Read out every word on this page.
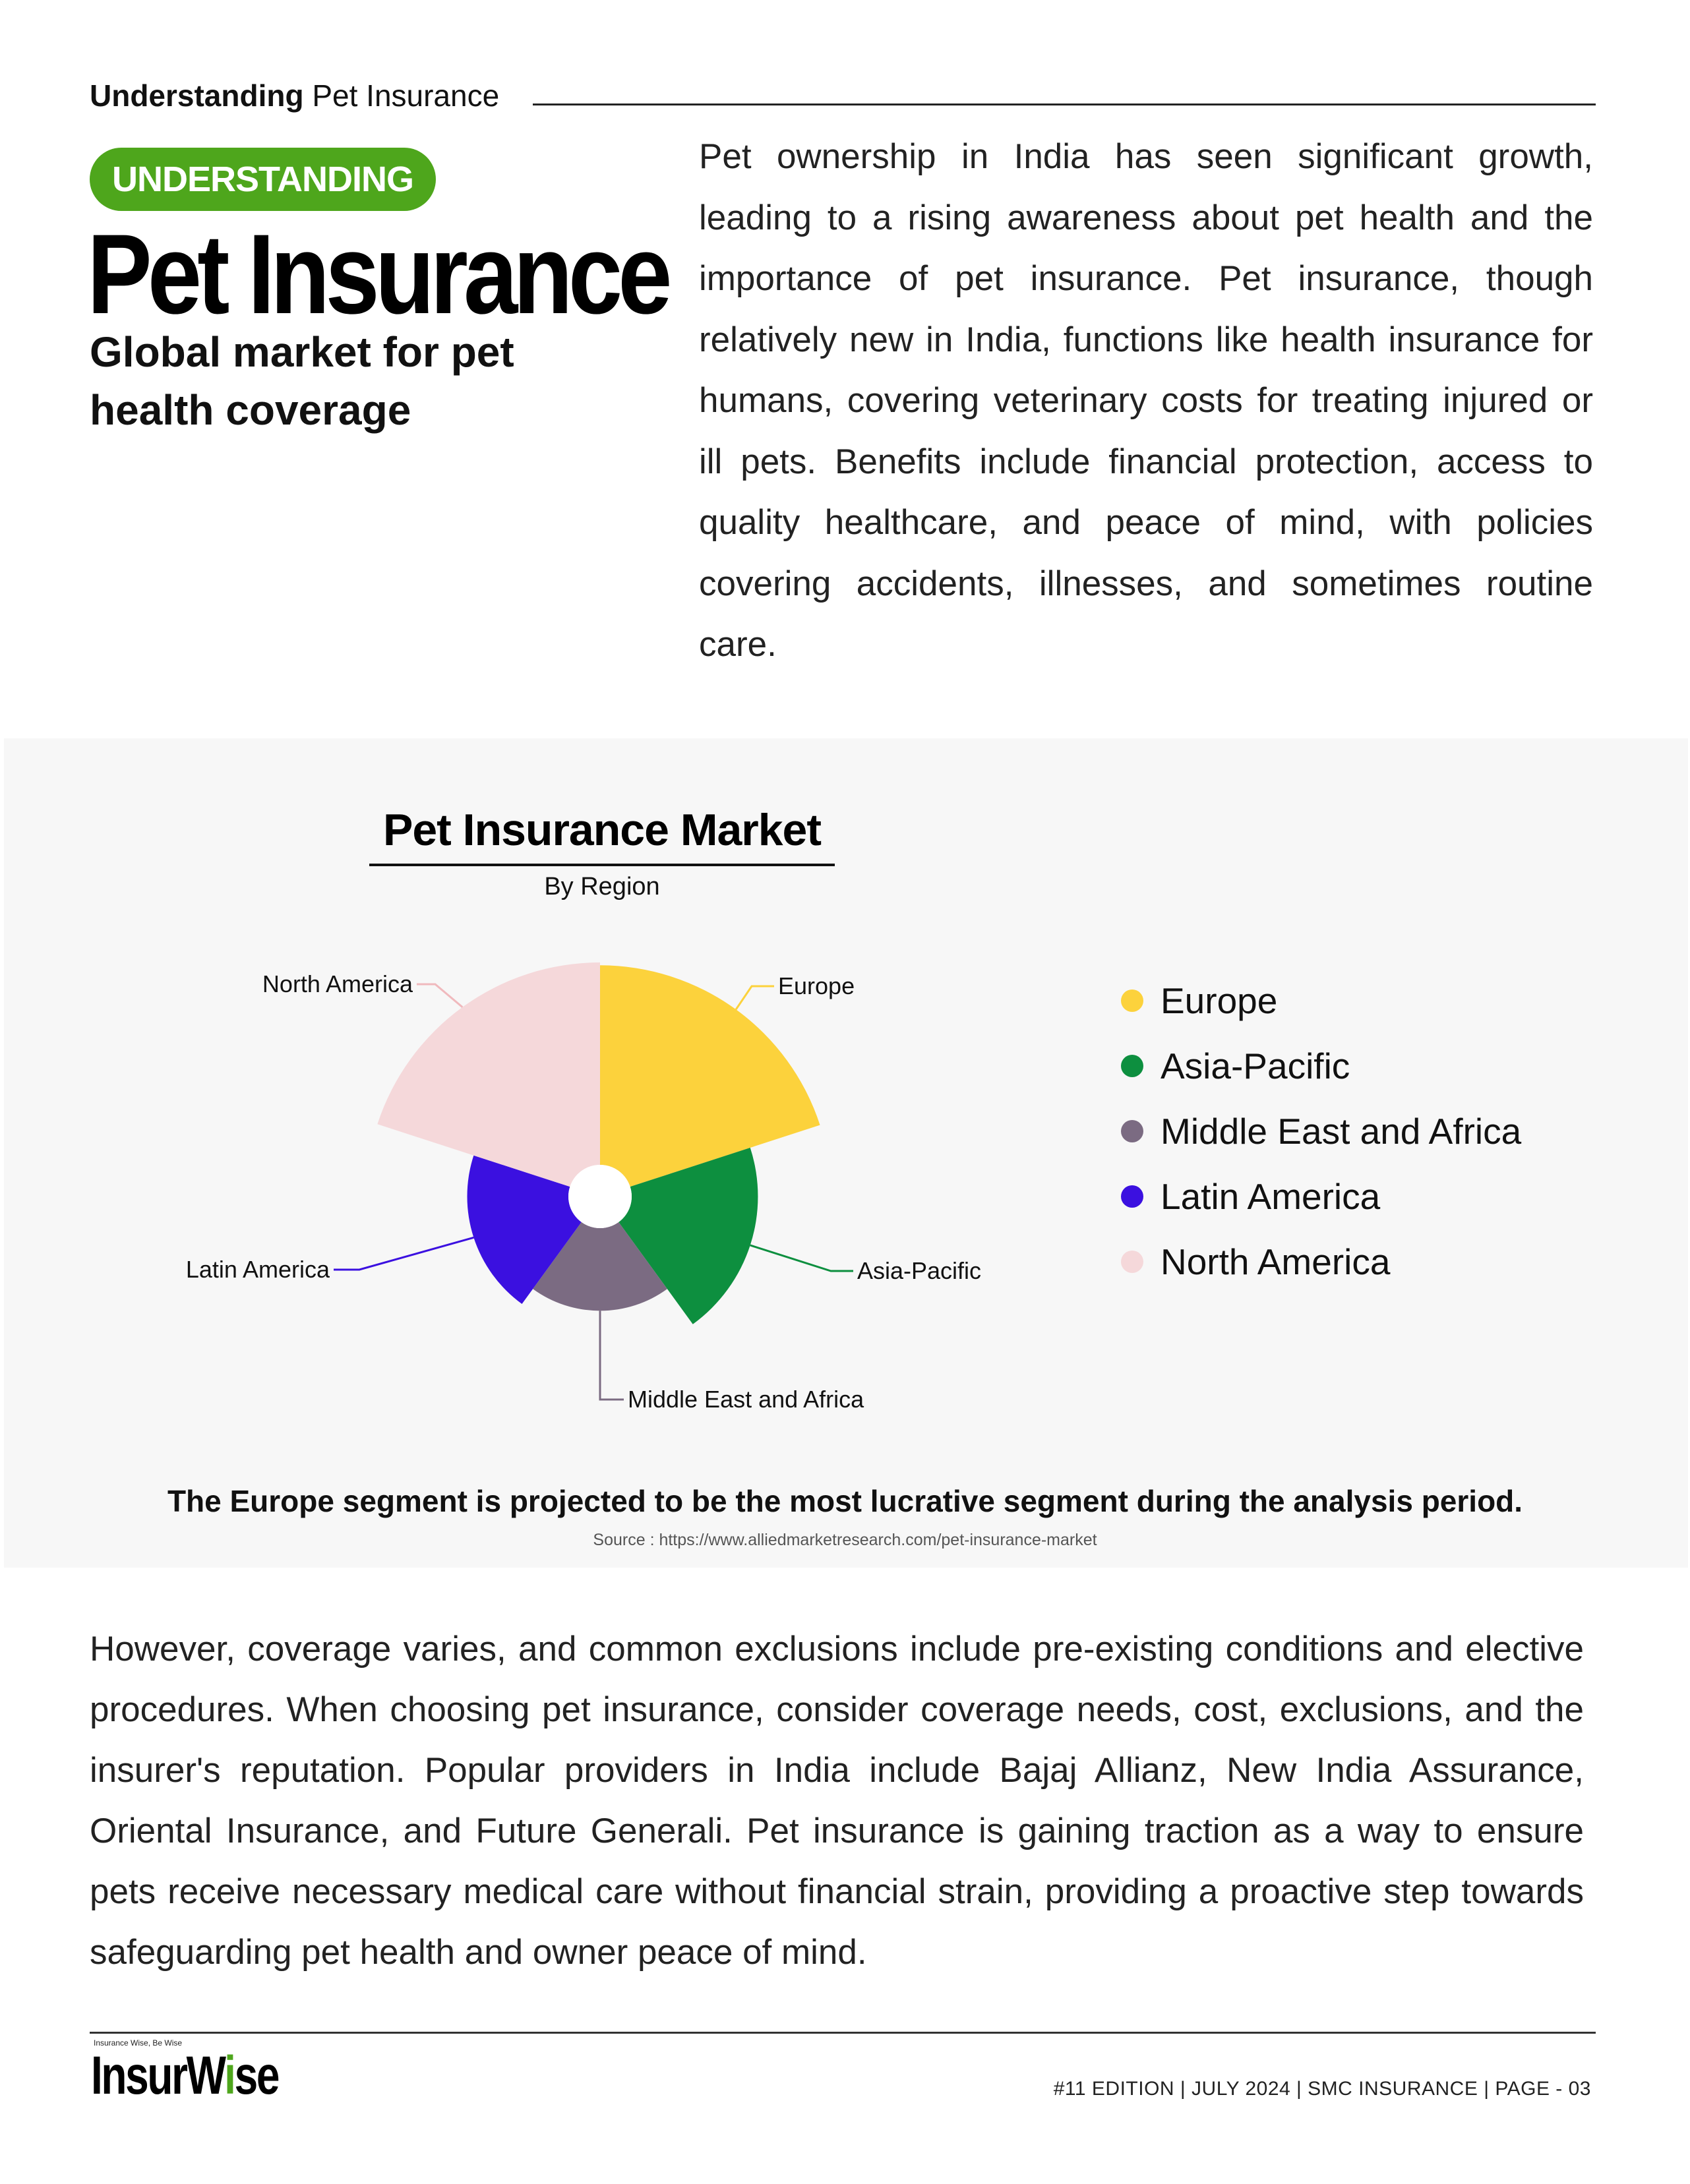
Understanding Pet Insurance
UNDERSTANDING
Pet Insurance
Global market for pet health coverage
Pet ownership in India has seen significant growth, leading to a rising awareness about pet health and the importance of pet insurance. Pet insurance, though relatively new in India, functions like health insurance for humans, covering veterinary costs for treating injured or ill pets. Benefits include financial protection, access to quality healthcare, and peace of mind, with policies covering accidents, illnesses, and sometimes routine care.
Pet Insurance Market
By Region
Europe
Asia-Pacific
Middle East and Africa
Latin America
North America	Europe
Asia-Pacific
Middle East and Africa
Latin America
North America
The Europe segment is projected to be the most lucrative segment during the analysis period.
Source : https://www.alliedmarketresearch.com/pet-insurance-market
However, coverage varies, and common exclusions include pre-existing conditions and elective procedures. When choosing pet insurance, consider coverage needs, cost, exclusions, and the insurer's reputation. Popular providers in India include Bajaj Allianz, New India Assurance, Oriental Insurance, and Future Generali. Pet insurance is gaining traction as a way to ensure pets receive necessary medical care without financial strain, providing a proactive step towards safeguarding pet health and owner peace of mind.
Insurance Wise, Be Wise
InsurWise	#11 EDITION | JULY 2024 | SMC INSURANCE | PAGE - 03
